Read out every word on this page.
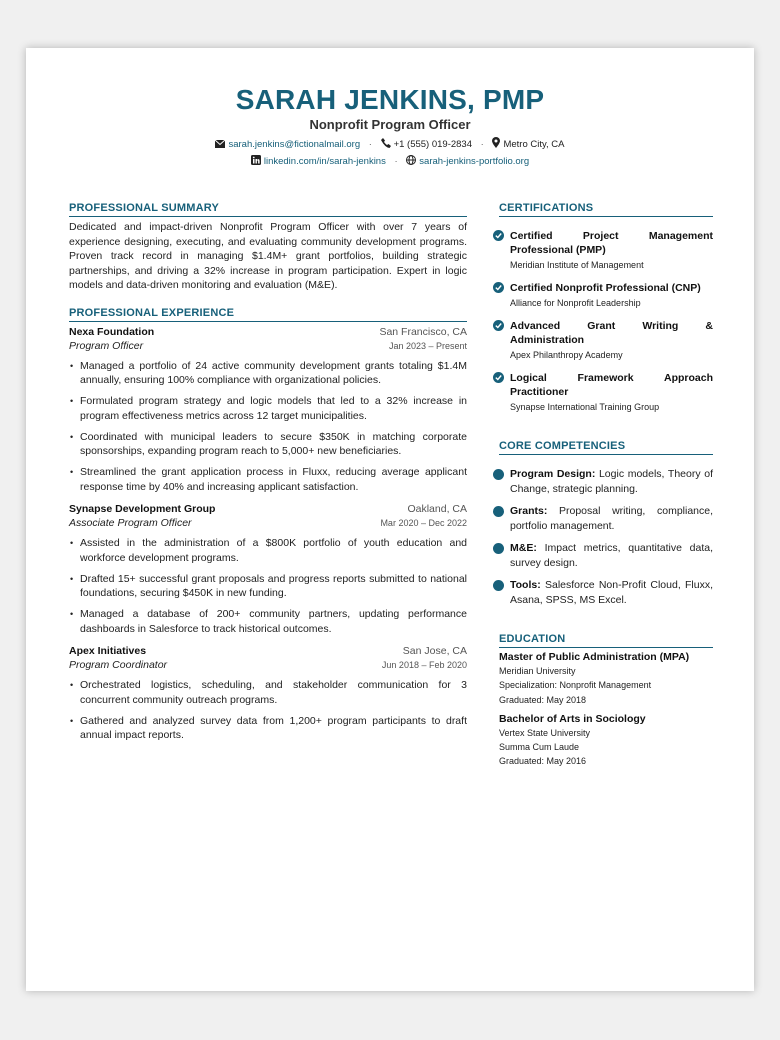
SARAH JENKINS, PMP
Nonprofit Program Officer
sarah.jenkins@fictionalmail.org · +1 (555) 019-2834 · Metro City, CA
linkedin.com/in/sarah-jenkins · sarah-jenkins-portfolio.org
PROFESSIONAL SUMMARY

Dedicated and impact-driven Nonprofit Program Officer with over 7 years of experience designing, executing, and evaluating community development programs. Proven track record in managing $1.4M+ grant portfolios, building strategic partnerships, and driving a 32% increase in program participation. Expert in logic models and data-driven monitoring and evaluation (M&E).

PROFESSIONAL EXPERIENCE
Nexa Foundation	San Francisco, CA
Program Officer	Jan 2023 – Present
• Managed a portfolio of 24 active community development grants totaling $1.4M annually, ensuring 100% compliance with organizational policies.
• Formulated program strategy and logic models that led to a 32% increase in program effectiveness metrics across 12 target municipalities.
• Coordinated with municipal leaders to secure $350K in matching corporate sponsorships, expanding program reach to 5,000+ new beneficiaries.
• Streamlined the grant application process in Fluxx, reducing average applicant response time by 40% and increasing applicant satisfaction.
Synapse Development Group	Oakland, CA
Associate Program Officer	Mar 2020 – Dec 2022
• Assisted in the administration of a $800K portfolio of youth education and workforce development programs.
• Drafted 15+ successful grant proposals and progress reports submitted to national foundations, securing $450K in new funding.
• Managed a database of 200+ community partners, updating performance dashboards in Salesforce to track historical outcomes.
Apex Initiatives	San Jose, CA
Program Coordinator	Jun 2018 – Feb 2020
• Orchestrated logistics, scheduling, and stakeholder communication for 3 concurrent community outreach programs.
• Gathered and analyzed survey data from 1,200+ program participants to draft annual impact reports.
CERTIFICATIONS
Certified Project Management Professional (PMP)
Meridian Institute of Management
Certified Nonprofit Professional (CNP)
Alliance for Nonprofit Leadership
Advanced Grant Writing & Administration
Apex Philanthropy Academy
Logical Framework Approach Practitioner
Synapse International Training Group
CORE COMPETENCIES
Program Design: Logic models, Theory of Change, strategic planning.
Grants: Proposal writing, compliance, portfolio management.
M&E: Impact metrics, quantitative data, survey design.
Tools: Salesforce Non-Profit Cloud, Fluxx, Asana, SPSS, MS Excel.
EDUCATION
Master of Public Administration (MPA)
Meridian University
Specialization: Nonprofit Management
Graduated: May 2018
Bachelor of Arts in Sociology
Vertex State University
Summa Cum Laude
Graduated: May 2016
